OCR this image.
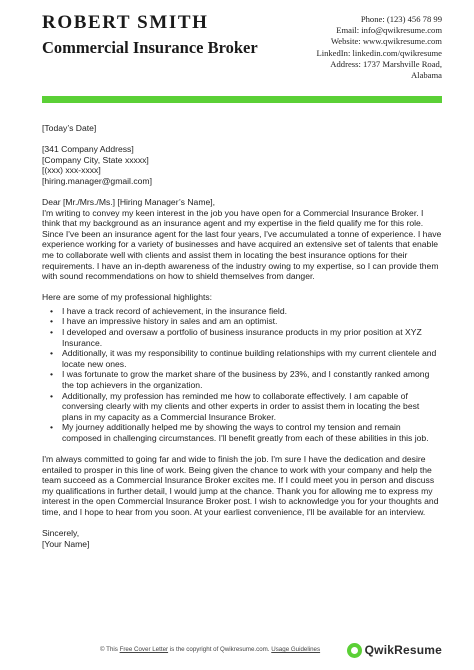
ROBERT SMITH
Commercial Insurance Broker
Phone: (123) 456 78 99
Email: info@qwikresume.com
Website: www.qwikresume.com
LinkedIn: linkedin.com/qwikresume
Address: 1737 Marshville Road,
Alabama
[Today’s Date]
[341 Company Address]
[Company City, State xxxxx]
[(xxx) xxx-xxxx]
[hiring.manager@gmail.com]
Dear [Mr./Mrs./Ms.] [Hiring Manager’s Name],
I'm writing to convey my keen interest in the job you have open for a Commercial Insurance Broker. I think that my background as an insurance agent and my expertise in the field qualify me for this role. Since I've been an insurance agent for the last four years, I've accumulated a tonne of experience. I have experience working for a variety of businesses and have acquired an extensive set of talents that enable me to collaborate well with clients and assist them in locating the best insurance options for their requirements. I have an in-depth awareness of the industry owing to my expertise, so I can provide them with sound recommendations on how to shield themselves from danger.
Here are some of my professional highlights:
• I have a track record of achievement, in the insurance field.
• I have an impressive history in sales and am an optimist.
• I developed and oversaw a portfolio of business insurance products in my prior position at XYZ Insurance.
• Additionally, it was my responsibility to continue building relationships with my current clientele and locate new ones.
• I was fortunate to grow the market share of the business by 23%, and I constantly ranked among the top achievers in the organization.
• Additionally, my profession has reminded me how to collaborate effectively. I am capable of conversing clearly with my clients and other experts in order to assist them in locating the best plans in my capacity as a Commercial Insurance Broker.
• My journey additionally helped me by showing the ways to control my tension and remain composed in challenging circumstances. I'll benefit greatly from each of these abilities in this job.
I'm always committed to going far and wide to finish the job. I'm sure I have the dedication and desire entailed to prosper in this line of work. Being given the chance to work with your company and help the team succeed as a Commercial Insurance Broker excites me. If I could meet you in person and discuss my qualifications in further detail, I would jump at the chance. Thank you for allowing me to express my interest in the open Commercial Insurance Broker post. I wish to acknowledge you for your thoughts and time, and I hope to hear from you soon. At your earliest convenience, I'll be available for an interview.
Sincerely,
[Your Name]
© This Free Cover Letter is the copyright of Qwikresume.com. Usage Guidelines	QwikResume
